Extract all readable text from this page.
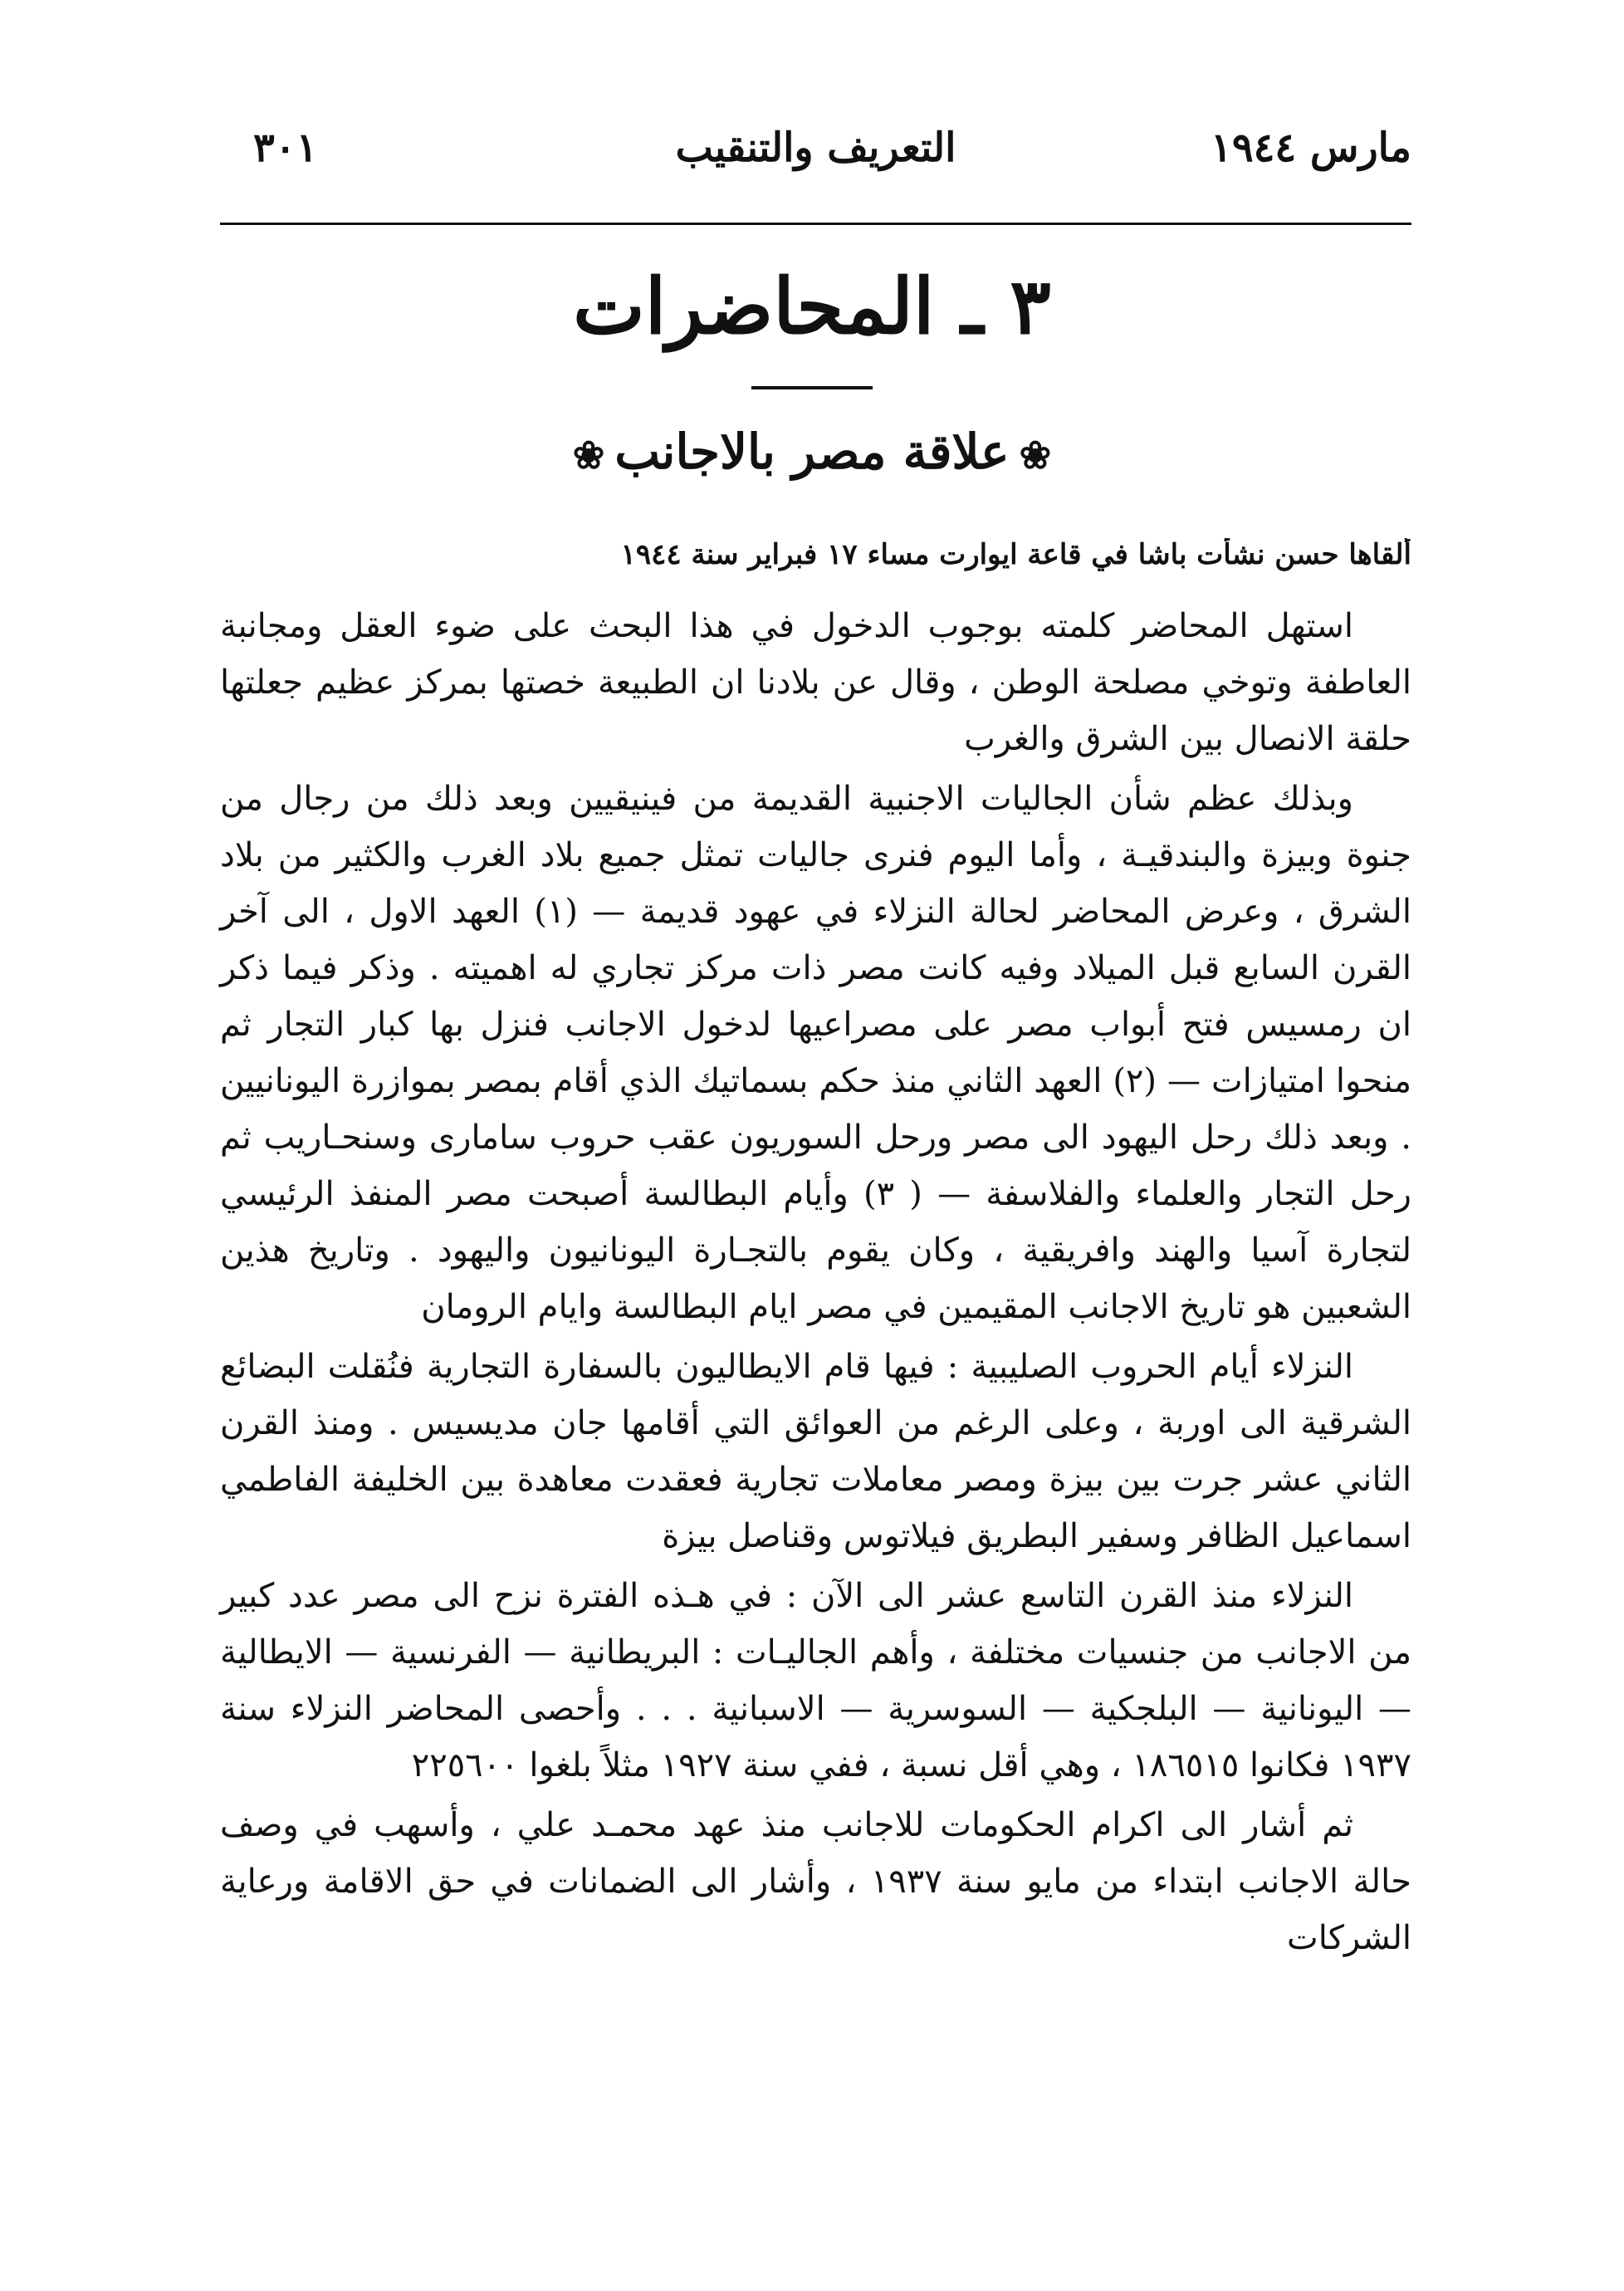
مارس ١٩٤٤
التعريف والتنقيب
٣٠١
٣ ـ المحاضرات
❀علاقة مصر بالاجانب❀
ألقاها حسن نشأت باشا في قاعة ايوارت مساء ١٧ فبراير سنة ١٩٤٤

استهل المحاضر كلمته بوجوب الدخول في هذا البحث على ضوء العقل ومجانبة العاطفة وتوخي مصلحة الوطن ، وقال عن بلادنا ان الطبيعة خصتها بمركز عظيم جعلتها حلقة الانصال بين الشرق والغرب

وبذلك عظم شأن الجاليات الاجنبية القديمة من فينيقيين وبعد ذلك من رجال من جنوة وبيزة والبندقيـة ، وأما اليوم فنرى جاليات تمثل جميع بلاد الغرب والكثير من بلاد الشرق ، وعرض المحاضر لحالة النزلاء في عهود قديمة — (١) العهد الاول ، الى آخر القرن السابع قبل الميلاد وفيه كانت مصر ذات مركز تجاري له اهميته . وذكر فيما ذكر ان رمسيس فتح أبواب مصر على مصراعيها لدخول الاجانب فنزل بها كبار التجار ثم منحوا امتيازات — (٢) العهد الثاني منذ حكم بسماتيك الذي أقام بمصر بموازرة اليونانيين . وبعد ذلك رحل اليهود الى مصر ورحل السوريون عقب حروب ساماری وسنحـاريب ثم رحل التجار والعلماء والفلاسفة — ( ٣) وأيام البطالسة أصبحت مصر المنفذ الرئيسي لتجارة آسيا والهند وافريقية ، وكان يقوم بالتجـارة اليونانيون واليهود . وتاريخ هذين الشعبين هو تاريخ الاجانب المقيمين في مصر ايام البطالسة وايام الرومان

النزلاء أيام الحروب الصليبية : فيها قام الايطاليون بالسفارة التجارية فنُقلت البضائع الشرقية الى اوربة ، وعلى الرغم من العوائق التي أقامها جان مديسيس . ومنذ القرن الثاني عشر جرت بين بيزة ومصر معاملات تجارية فعقدت معاهدة بين الخليفة الفاطمي اسماعيل الظافر وسفير البطريق فيلاتوس وقناصل بيزة

النزلاء منذ القرن التاسع عشر الى الآن : في هـذه الفترة نزح الى مصر عدد كبير من الاجانب من جنسيات مختلفة ، وأهم الجاليـات : البريطانية — الفرنسية — الايطالية — اليونانية — البلجكية — السوسرية — الاسبانية . . . وأحصى المحاضر النزلاء سنة ١٩٣٧ فكانوا ١٨٦٥١٥ ، وهي أقل نسبة ، ففي سنة ١٩٢٧ مثلاً بلغوا ٢٢٥٦٠٠

ثم أشار الى اكرام الحكومات للاجانب منذ عهد محمـد علي ، وأسهب في وصف حالة الاجانب ابتداء من مايو سنة ١٩٣٧ ، وأشار الى الضمانات في حق الاقامة ورعاية الشركات
